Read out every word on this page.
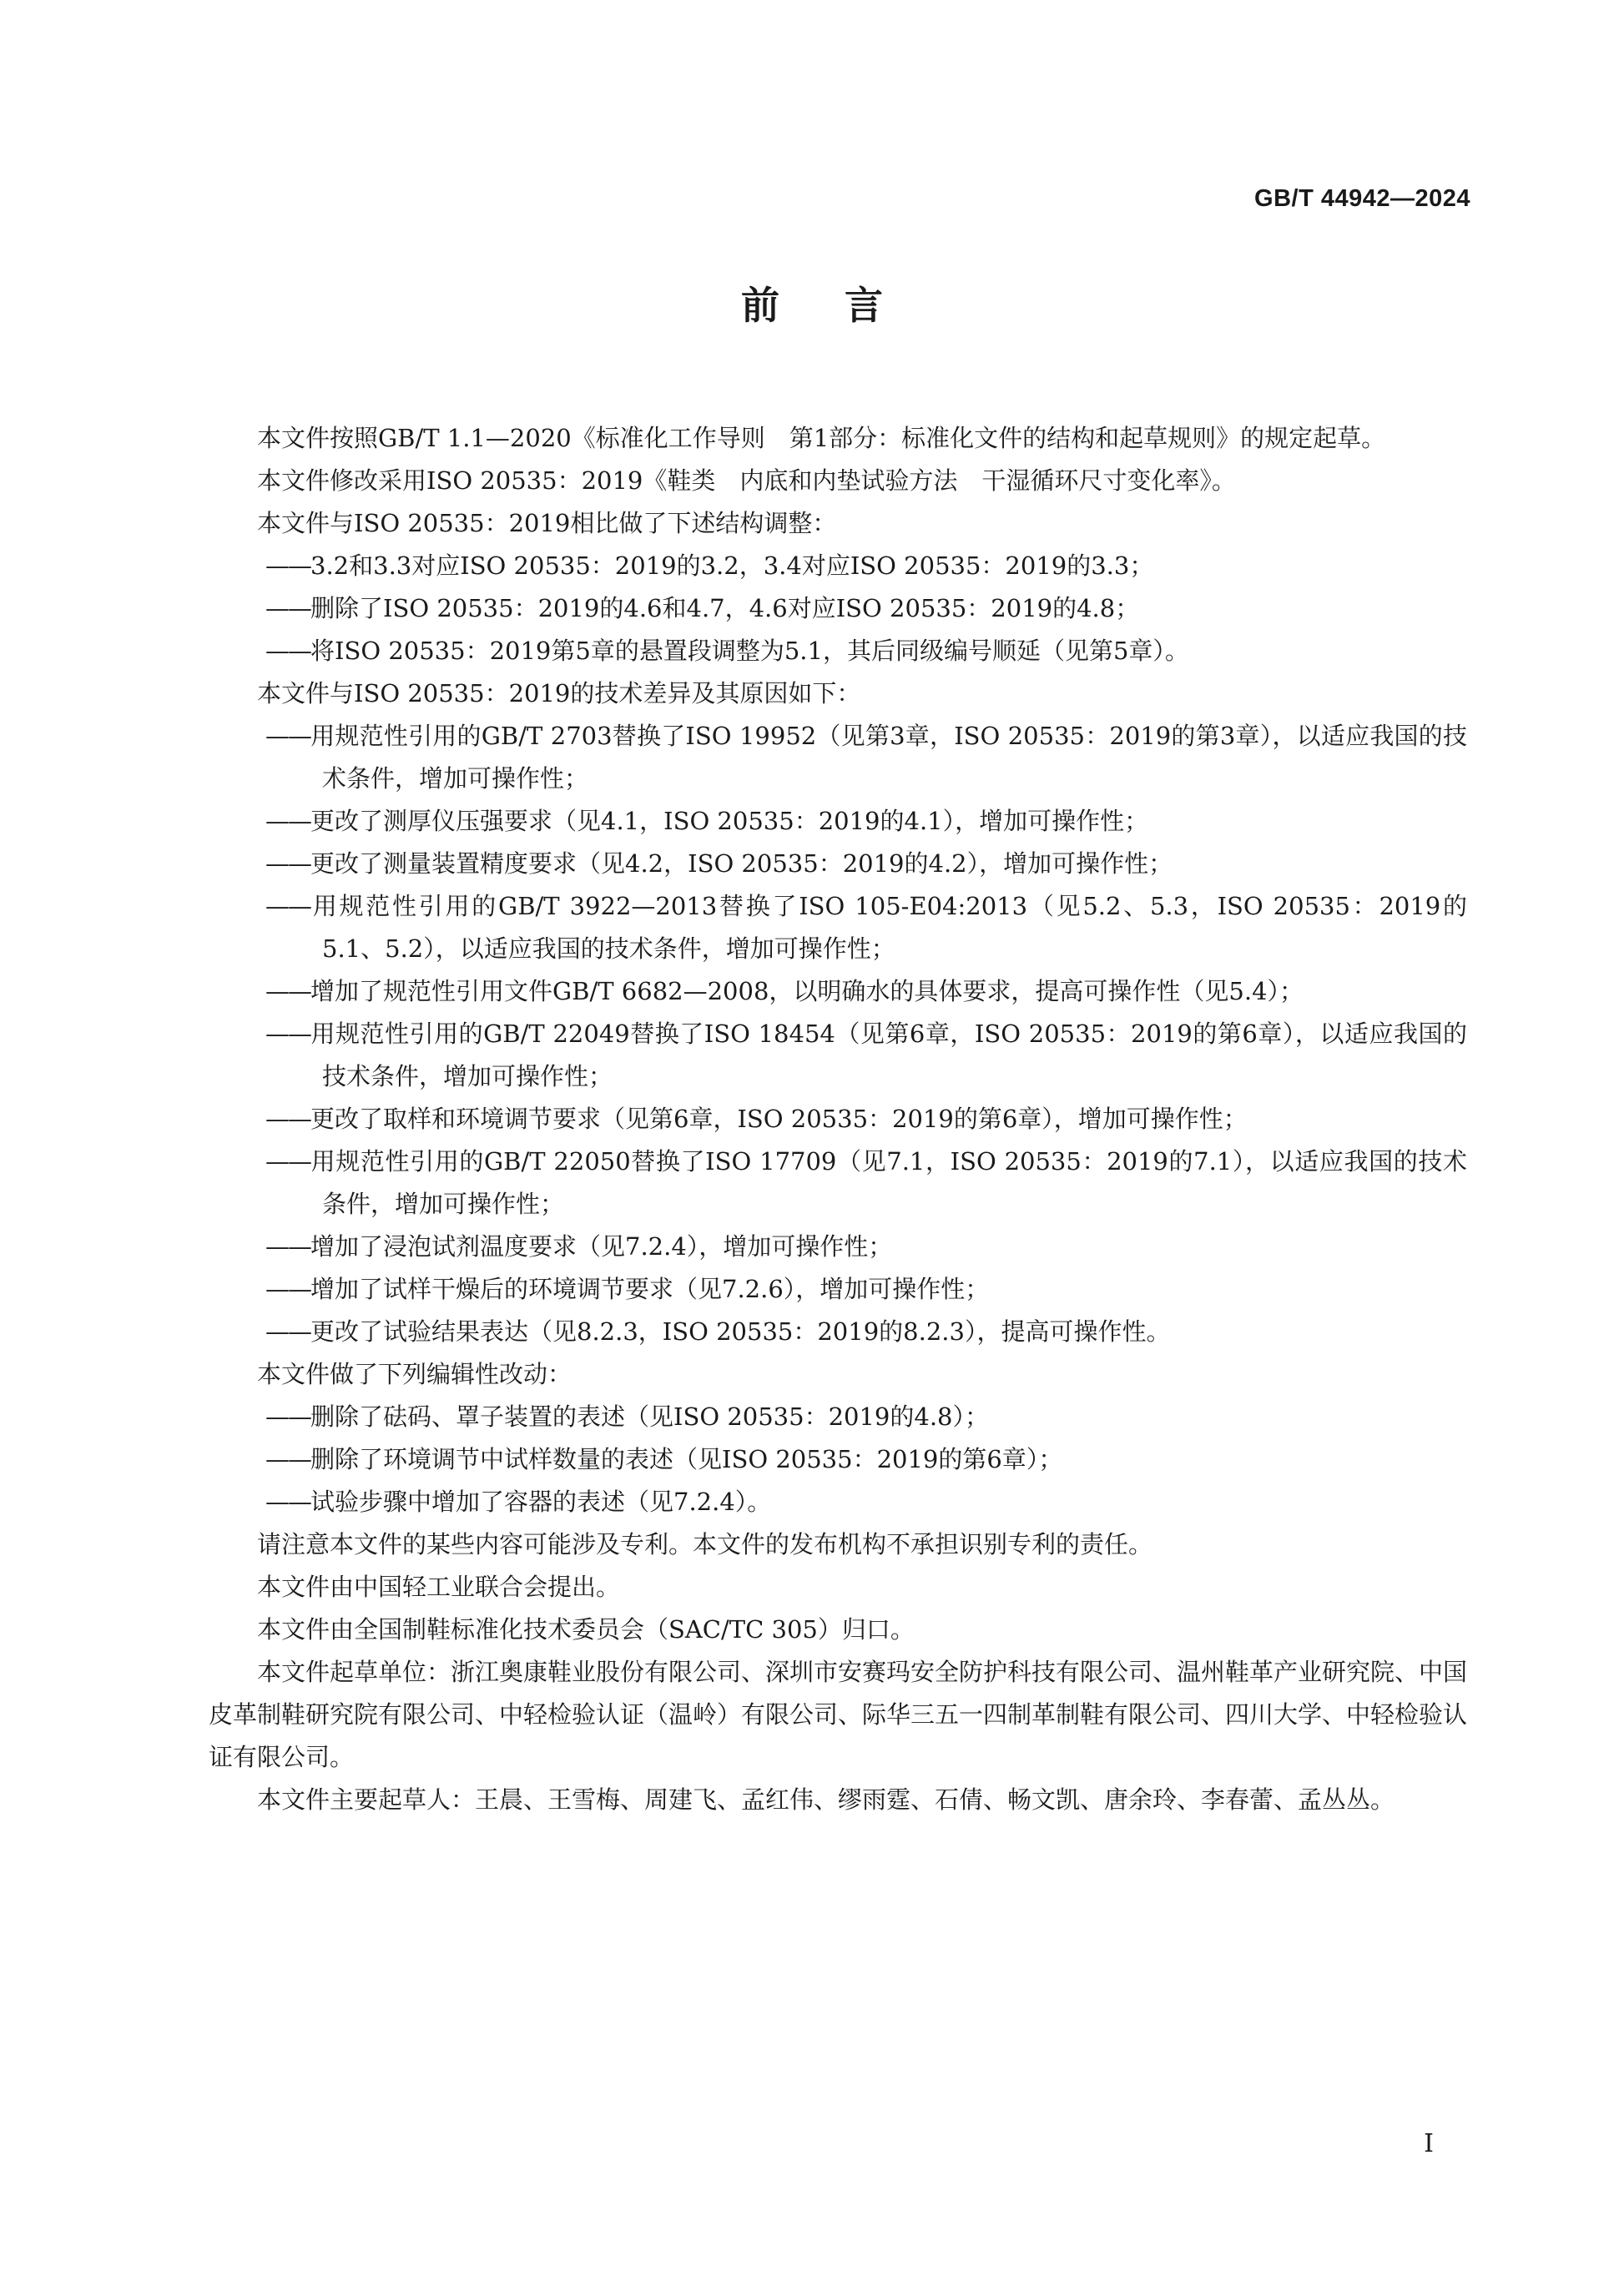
GB/T 44942—2024
前言
本文件按照GB/T 1.1—2020《标准化工作导则　第1部分：标准化文件的结构和起草规则》的规定起草。
本文件修改采用ISO 20535：2019《鞋类　内底和内垫试验方法　干湿循环尺寸变化率》。
本文件与ISO 20535：2019相比做了下述结构调整：
——3.2和3.3对应ISO 20535：2019的3.2，3.4对应ISO 20535：2019的3.3；
——删除了ISO 20535：2019的4.6和4.7，4.6对应ISO 20535：2019的4.8；
——将ISO 20535：2019第5章的悬置段调整为5.1，其后同级编号顺延（见第5章）。
本文件与ISO 20535：2019的技术差异及其原因如下：
——用规范性引用的GB/T 2703替换了ISO 19952（见第3章，ISO 20535：2019的第3章），以适应我国的技术条件，增加可操作性；
——更改了测厚仪压强要求（见4.1，ISO 20535：2019的4.1），增加可操作性；
——更改了测量装置精度要求（见4.2，ISO 20535：2019的4.2），增加可操作性；
——用规范性引用的GB/T 3922—2013替换了ISO 105-E04:2013（见5.2、5.3，ISO 20535：2019的5.1、5.2），以适应我国的技术条件，增加可操作性；
——增加了规范性引用文件GB/T 6682—2008，以明确水的具体要求，提高可操作性（见5.4）；
——用规范性引用的GB/T 22049替换了ISO 18454（见第6章，ISO 20535：2019的第6章），以适应我国的技术条件，增加可操作性；
——更改了取样和环境调节要求（见第6章，ISO 20535：2019的第6章），增加可操作性；
——用规范性引用的GB/T 22050替换了ISO 17709（见7.1，ISO 20535：2019的7.1），以适应我国的技术条件，增加可操作性；
——增加了浸泡试剂温度要求（见7.2.4），增加可操作性；
——增加了试样干燥后的环境调节要求（见7.2.6），增加可操作性；
——更改了试验结果表达（见8.2.3，ISO 20535：2019的8.2.3），提高可操作性。
本文件做了下列编辑性改动：
——删除了砝码、罩子装置的表述（见ISO 20535：2019的4.8）；
——删除了环境调节中试样数量的表述（见ISO 20535：2019的第6章）；
——试验步骤中增加了容器的表述（见7.2.4）。
请注意本文件的某些内容可能涉及专利。本文件的发布机构不承担识别专利的责任。
本文件由中国轻工业联合会提出。
本文件由全国制鞋标准化技术委员会（SAC/TC 305）归口。
本文件起草单位：浙江奥康鞋业股份有限公司、深圳市安赛玛安全防护科技有限公司、温州鞋革产业研究院、中国皮革制鞋研究院有限公司、中轻检验认证（温岭）有限公司、际华三五一四制革制鞋有限公司、四川大学、中轻检验认证有限公司。
本文件主要起草人：王晨、王雪梅、周建飞、孟红伟、缪雨霆、石倩、畅文凯、唐余玲、李春蕾、孟丛丛。
I
